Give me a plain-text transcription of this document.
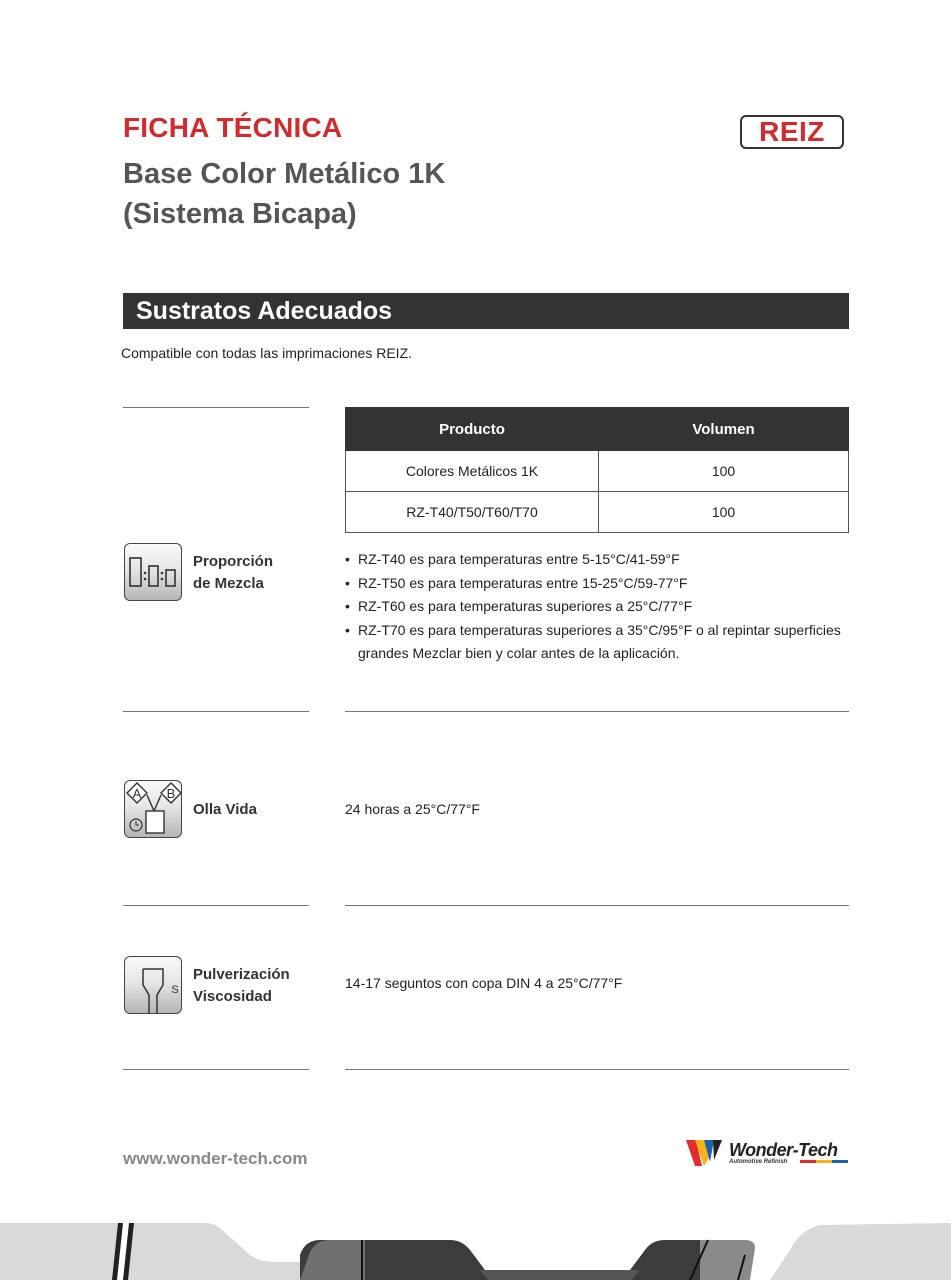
FICHA TÉCNICA
Base Color Metálico 1K
(Sistema Bicapa)
REIZ
Sustratos Adecuados
Compatible con todas las imprimaciones REIZ.
Producto	Volumen
Colores Metálicos 1K	100
RZ-T40/T50/T60/T70	100
Proporción
de Mezcla
• RZ-T40 es para temperaturas entre 5-15°C/41-59°F
• RZ-T50 es para temperaturas entre 15-25°C/59-77°F
• RZ-T60 es para temperaturas superiores a 25°C/77°F
• RZ-T70 es para temperaturas superiores a 35°C/95°F o al repintar superficies grandes Mezclar bien y colar antes de la aplicación.
A B
Olla Vida	24 horas a 25°C/77°F
S
Pulverización
Viscosidad
14-17 seguntos con copa DIN 4 a 25°C/77°F
www.wonder-tech.com	Wonder-Tech
Automotive Refinish
